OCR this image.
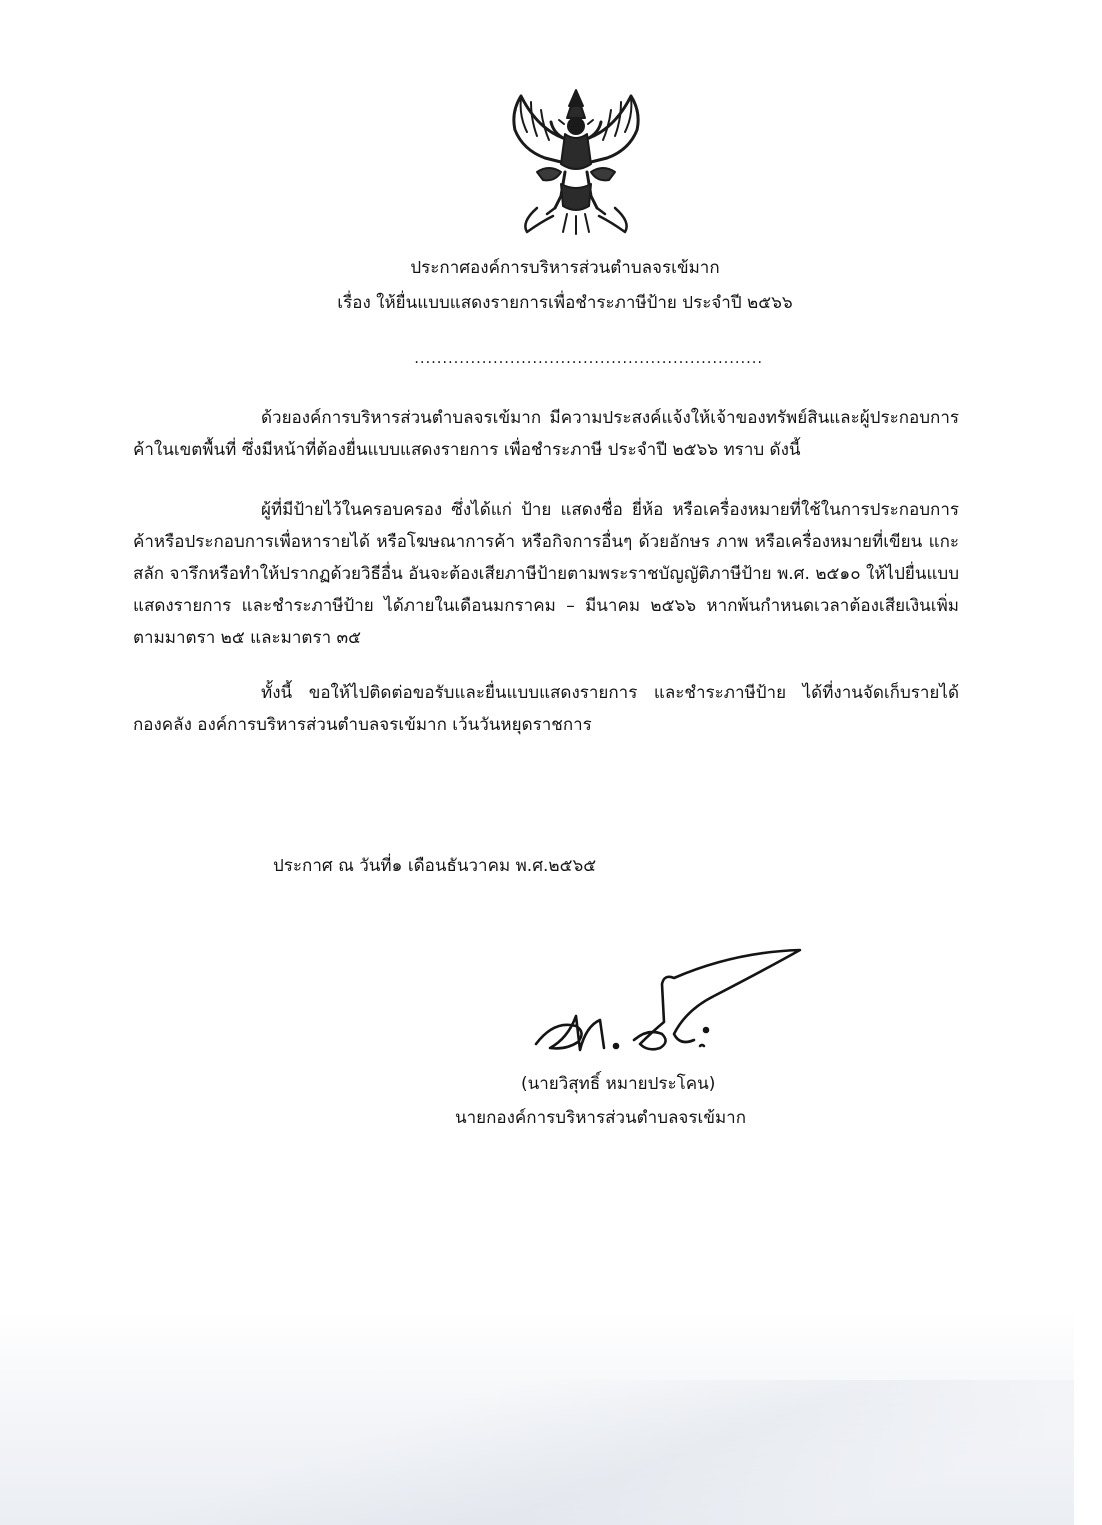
ประกาศองค์การบริหารส่วนตำบลจรเข้มาก
เรื่อง ให้ยื่นแบบแสดงรายการเพื่อชำระภาษีป้าย ประจำปี ๒๕๖๖
..............................................................
ด้วยองค์การบริหารส่วนตำบลจรเข้มาก มีความประสงค์แจ้งให้เจ้าของทรัพย์สินและผู้ประกอบการค้าในเขตพื้นที่ ซึ่งมีหน้าที่ต้องยื่นแบบแสดงรายการ เพื่อชำระภาษี ประจำปี ๒๕๖๖ ทราบ ดังนี้
ผู้ที่มีป้ายไว้ในครอบครอง ซึ่งได้แก่ ป้าย แสดงชื่อ ยี่ห้อ หรือเครื่องหมายที่ใช้ในการประกอบการค้าหรือประกอบการเพื่อหารายได้ หรือโฆษณาการค้า หรือกิจการอื่นๆ ด้วยอักษร ภาพ หรือเครื่องหมายที่เขียน แกะสลัก จารึกหรือทำให้ปรากฏด้วยวิธีอื่น อันจะต้องเสียภาษีป้ายตามพระราชบัญญัติภาษีป้าย พ.ศ. ๒๕๑๐ ให้ไปยื่นแบบแสดงรายการ และชำระภาษีป้าย ได้ภายในเดือนมกราคม – มีนาคม ๒๕๖๖ หากพ้นกำหนดเวลาต้องเสียเงินเพิ่มตามมาตรา ๒๕ และมาตรา ๓๕
ทั้งนี้ ขอให้ไปติดต่อขอรับและยื่นแบบแสดงรายการ และชำระภาษีป้าย ได้ที่งานจัดเก็บรายได้ กองคลัง องค์การบริหารส่วนตำบลจรเข้มาก เว้นวันหยุดราชการ
ประกาศ ณ วันที่๑ เดือนธันวาคม พ.ศ.๒๕๖๕
(นายวิสุทธิ์ หมายประโคน)
นายกองค์การบริหารส่วนตำบลจรเข้มาก
